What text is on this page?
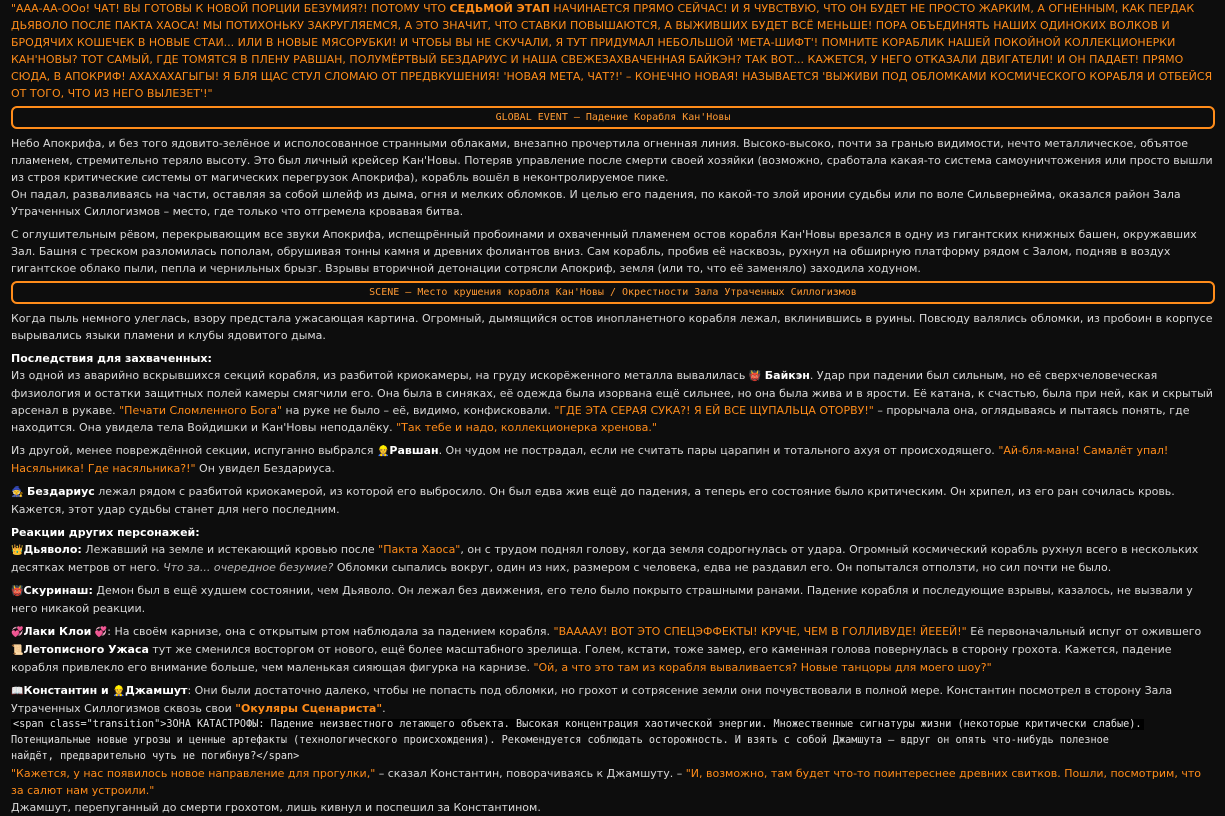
"ААА-АА-ООо! ЧАТ! ВЫ ГОТОВЫ К НОВОЙ ПОРЦИИ БЕЗУМИЯ?! ПОТОМУ ЧТО СЕДЬМОЙ ЭТАП НАЧИНАЕТСЯ ПРЯМО СЕЙЧАС! И Я ЧУВСТВУЮ, ЧТО ОН БУДЕТ НЕ ПРОСТО ЖАРКИМ, А ОГНЕННЫМ, КАК ПЕРДАК ДЬЯВОЛО ПОСЛЕ ПАКТА ХАОСА! МЫ ПОТИХОНЬКУ ЗАКРУГЛЯЕМСЯ, А ЭТО ЗНАЧИТ, ЧТО СТАВКИ ПОВЫШАЮТСЯ, А ВЫЖИВШИХ БУДЕТ ВСЁ МЕНЬШЕ! ПОРА ОБЪЕДИНЯТЬ НАШИХ ОДИНОКИХ ВОЛКОВ И БРОДЯЧИХ КОШЕЧЕК В НОВЫЕ СТАИ... ИЛИ В НОВЫЕ МЯСОРУБКИ! И ЧТОБЫ ВЫ НЕ СКУЧАЛИ, Я ТУТ ПРИДУМАЛ НЕБОЛЬШОЙ 'МЕТА-ШИФТ'! ПОМНИТЕ КОРАБЛИК НАШЕЙ ПОКОЙНОЙ КОЛЛЕКЦИОНЕРКИ КАН'НОВЫ? ТОТ САМЫЙ, ГДЕ ТОМЯТСЯ В ПЛЕНУ РАВШАН, ПОЛУМЁРТВЫЙ БЕЗДАРИУС И НАША СВЕЖЕЗАХВАЧЕННАЯ БАЙКЭН? ТАК ВОТ... КАЖЕТСЯ, У НЕГО ОТКАЗАЛИ ДВИГАТЕЛИ! И ОН ПАДАЕТ! ПРЯМО СЮДА, В АПОКРИФ! АХАХАХАГЫГЫ! Я БЛЯ ЩАС СТУЛ СЛОМАЮ ОТ ПРЕДВКУШЕНИЯ! 'НОВАЯ МЕТА, ЧАТ?!' – КОНЕЧНО НОВАЯ! НАЗЫВАЕТСЯ 'ВЫЖИВИ ПОД ОБЛОМКАМИ КОСМИЧЕСКОГО КОРАБЛЯ И ОТБЕЙСЯ ОТ ТОГО, ЧТО ИЗ НЕГО ВЫЛЕЗЕТ'!"

GLOBAL EVENT – Падение Корабля Кан'Новы

Небо Апокрифа, и без того ядовито-зелёное и исполосованное странными облаками, внезапно прочертила огненная линия. Высоко-высоко, почти за гранью видимости, нечто металлическое, объятое пламенем, стремительно теряло высоту. Это был личный крейсер Кан'Новы. Потеряв управление после смерти своей хозяйки (возможно, сработала какая-то система самоуничтожения или просто вышли из строя критические системы от магических перегрузок Апокрифа), корабль вошёл в неконтролируемое пике.

Он падал, разваливаясь на части, оставляя за собой шлейф из дыма, огня и мелких обломков. И целью его падения, по какой-то злой иронии судьбы или по воле Сильвернейма, оказался район Зала Утраченных Силлогизмов – место, где только что отгремела кровавая битва.

С оглушительным рёвом, перекрывающим все звуки Апокрифа, испещрённый пробоинами и охваченный пламенем остов корабля Кан'Новы врезался в одну из гигантских книжных башен, окружавших Зал. Башня с треском разломилась пополам, обрушивая тонны камня и древних фолиантов вниз. Сам корабль, пробив её насквозь, рухнул на обширную платформу рядом с Залом, подняв в воздух гигантское облако пыли, пепла и чернильных брызг. Взрывы вторичной детонации сотрясли Апокриф, земля (или то, что её заменяло) заходила ходуном.

SCENE – Место крушения корабля Кан'Новы / Окрестности Зала Утраченных Силлогизмов

Когда пыль немного улеглась, взору предстала ужасающая картина. Огромный, дымящийся остов инопланетного корабля лежал, вклинившись в руины. Повсюду валялись обломки, из пробоин в корпусе вырывались языки пламени и клубы ядовитого дыма.

Последствия для захваченных:

Из одной из аварийно вскрывшихся секций корабля, из разбитой криокамеры, на груду искорёженного металла вывалилась 👹 Байкэн. Удар при падении был сильным, но её сверхчеловеческая физиология и остатки защитных полей камеры смягчили его. Она была в синяках, её одежда была изорвана ещё сильнее, но она была жива и в ярости. Её катана, к счастью, была при ней, как и скрытый арсенал в рукаве. "Печати Сломленного Бога" на руке не было – её, видимо, конфисковали. "ГДЕ ЭТА СЕРАЯ СУКА?! Я ЕЙ ВСЕ ЩУПАЛЬЦА ОТОРВУ!" – прорычала она, оглядываясь и пытаясь понять, где находится. Она увидела тела Войдишки и Кан'Новы неподалёку. "Так тебе и надо, коллекционерка хренова."

Из другой, менее повреждённой секции, испуганно выбрался 👷Равшан. Он чудом не пострадал, если не считать пары царапин и тотального ахуя от происходящего. "Ай-бля-мана! Самалёт упал! Насяльника! Где насяльника?!" Он увидел Бездариуса.

🧙 Бездариус лежал рядом с разбитой криокамерой, из которой его выбросило. Он был едва жив ещё до падения, а теперь его состояние было критическим. Он хрипел, из его ран сочилась кровь. Кажется, этот удар судьбы станет для него последним.

Реакции других персонажей:

👑Дьяволо: Лежавший на земле и истекающий кровью после "Пакта Хаоса", он с трудом поднял голову, когда земля содрогнулась от удара. Огромный космический корабль рухнул всего в нескольких десятках метров от него. Что за... очередное безумие? Обломки сыпались вокруг, один из них, размером с человека, едва не раздавил его. Он попытался отползти, но сил почти не было.

👹Скуринаш: Демон был в ещё худшем состоянии, чем Дьяволо. Он лежал без движения, его тело было покрыто страшными ранами. Падение корабля и последующие взрывы, казалось, не вызвали у него никакой реакции.

💞Лаки Клои 💞: На своём карнизе, она с открытым ртом наблюдала за падением корабля. "ВААААУ! ВОТ ЭТО СПЕЦЭФФЕКТЫ! КРУЧЕ, ЧЕМ В ГОЛЛИВУДЕ! ЙЕЕЕЙ!" Её первоначальный испуг от ожившего 📜Летописного Ужаса тут же сменился восторгом от нового, ещё более масштабного зрелища. Голем, кстати, тоже замер, его каменная голова повернулась в сторону грохота. Кажется, падение корабля привлекло его внимание больше, чем маленькая сияющая фигурка на карнизе. "Ой, а что это там из корабля вываливается? Новые танцоры для моего шоу?"

📖Константин и 👷Джамшут: Они были достаточно далеко, чтобы не попасть под обломки, но грохот и сотрясение земли они почувствовали в полной мере. Константин посмотрел в сторону Зала Утраченных Силлогизмов сквозь свои "Окуляры Сценариста".

<span class="transition">ЗОНА КАТАСТРОФЫ: Падение неизвестного летающего объекта. Высокая концентрация хаотической энергии. Множественные сигнатуры жизни (некоторые критически слабые).
Потенциальные новые угрозы и ценные артефакты (технологического происхождения). Рекомендуется соблюдать осторожность. И взять с собой Джамшута – вдруг он опять что-нибудь полезное
найдёт, предварительно чуть не погибнув?</span>

"Кажется, у нас появилось новое направление для прогулки," – сказал Константин, поворачиваясь к Джамшуту. – "И, возможно, там будет что-то поинтереснее древних свитков. Пошли, посмотрим, что за салют нам устроили."

Джамшут, перепуганный до смерти грохотом, лишь кивнул и поспешил за Константином.
